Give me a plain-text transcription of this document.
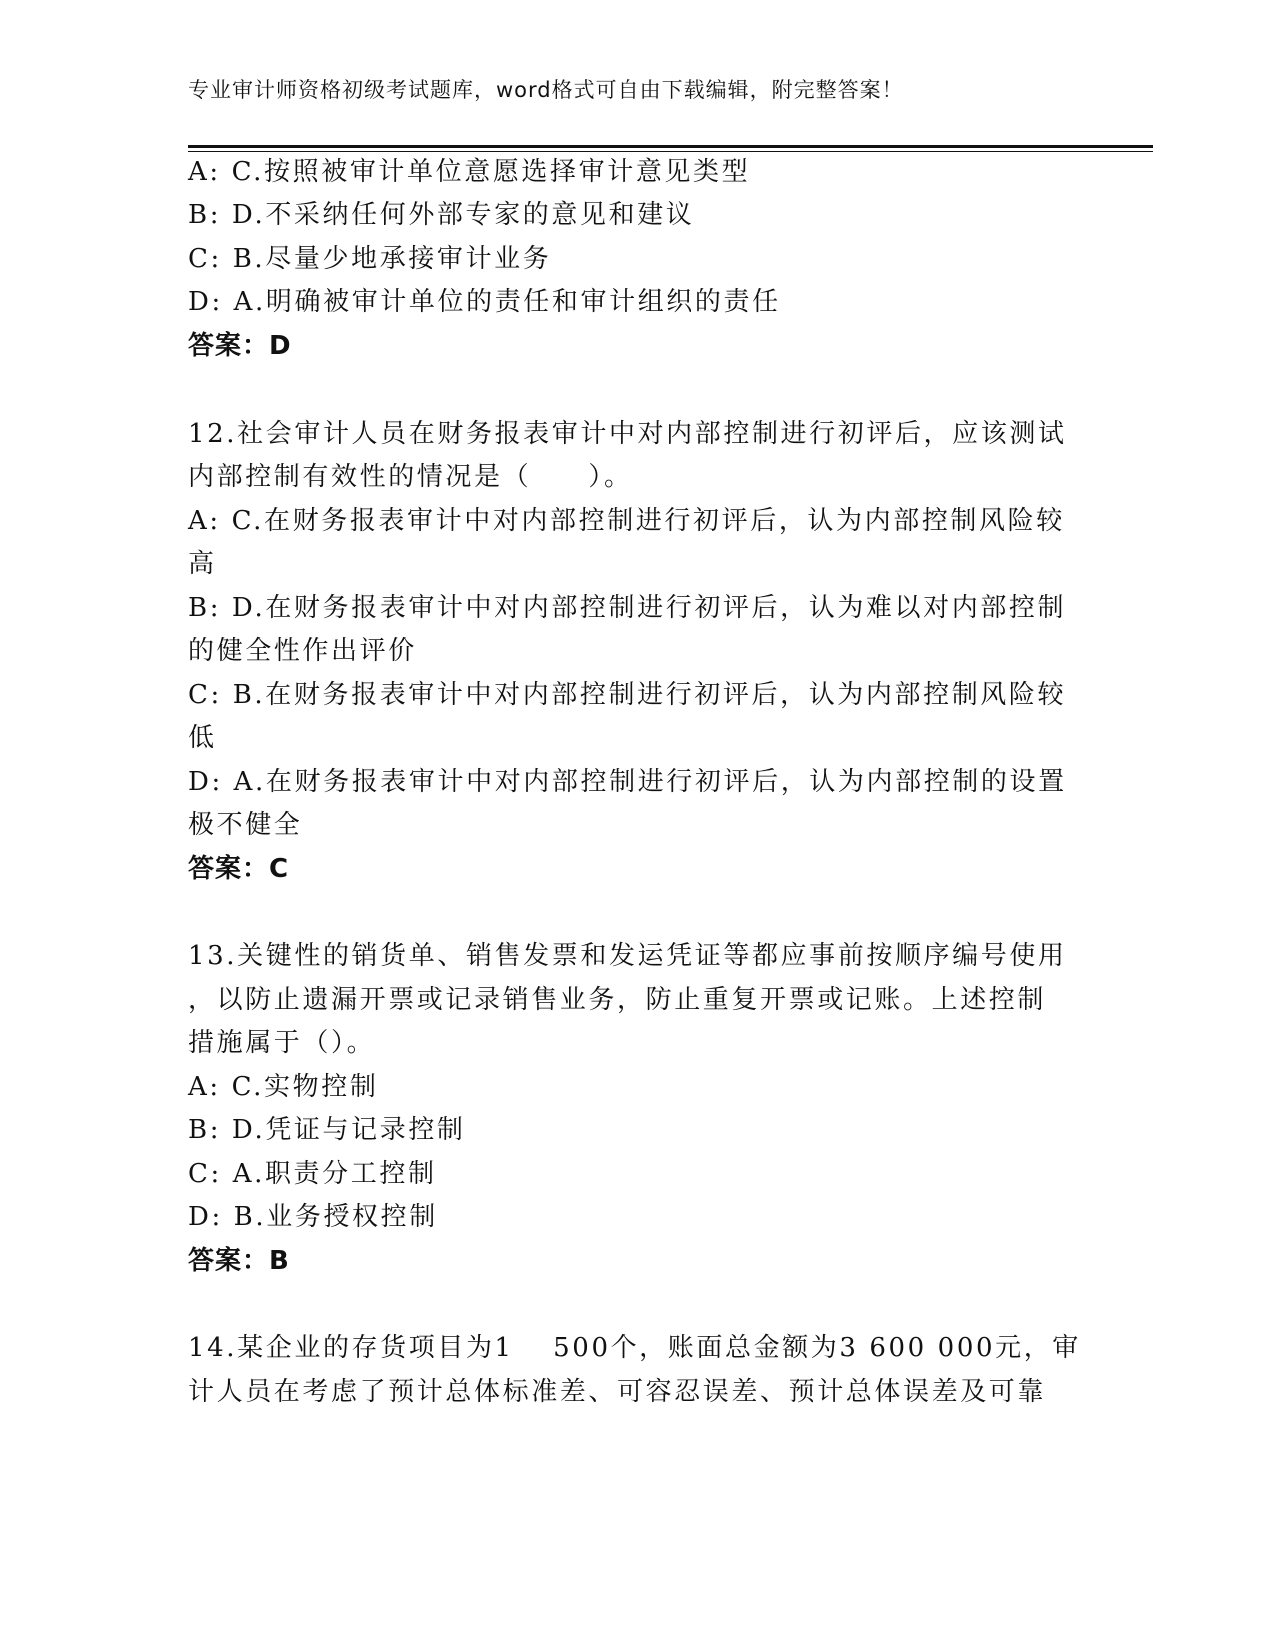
专业审计师资格初级考试题库，word格式可自由下载编辑，附完整答案！
A: C.按照被审计单位意愿选择审计意见类型
B: D.不采纳任何外部专家的意见和建议
C: B.尽量少地承接审计业务
D: A.明确被审计单位的责任和审计组织的责任
答案：D
12.社会审计人员在财务报表审计中对内部控制进行初评后，应该测试
内部控制有效性的情况是（　　）。
A: C.在财务报表审计中对内部控制进行初评后，认为内部控制风险较
高
B: D.在财务报表审计中对内部控制进行初评后，认为难以对内部控制
的健全性作出评价
C: B.在财务报表审计中对内部控制进行初评后，认为内部控制风险较
低
D: A.在财务报表审计中对内部控制进行初评后，认为内部控制的设置
极不健全
答案：C
13.关键性的销货单、销售发票和发运凭证等都应事前按顺序编号使用
，以防止遗漏开票或记录销售业务，防止重复开票或记账。上述控制
措施属于（）。
A: C.实物控制
B: D.凭证与记录控制
C: A.职责分工控制
D: B.业务授权控制
答案：B
14.某企业的存货项目为1　 500个，账面总金额为3 600 000元，审
计人员在考虑了预计总体标准差、可容忍误差、预计总体误差及可靠
